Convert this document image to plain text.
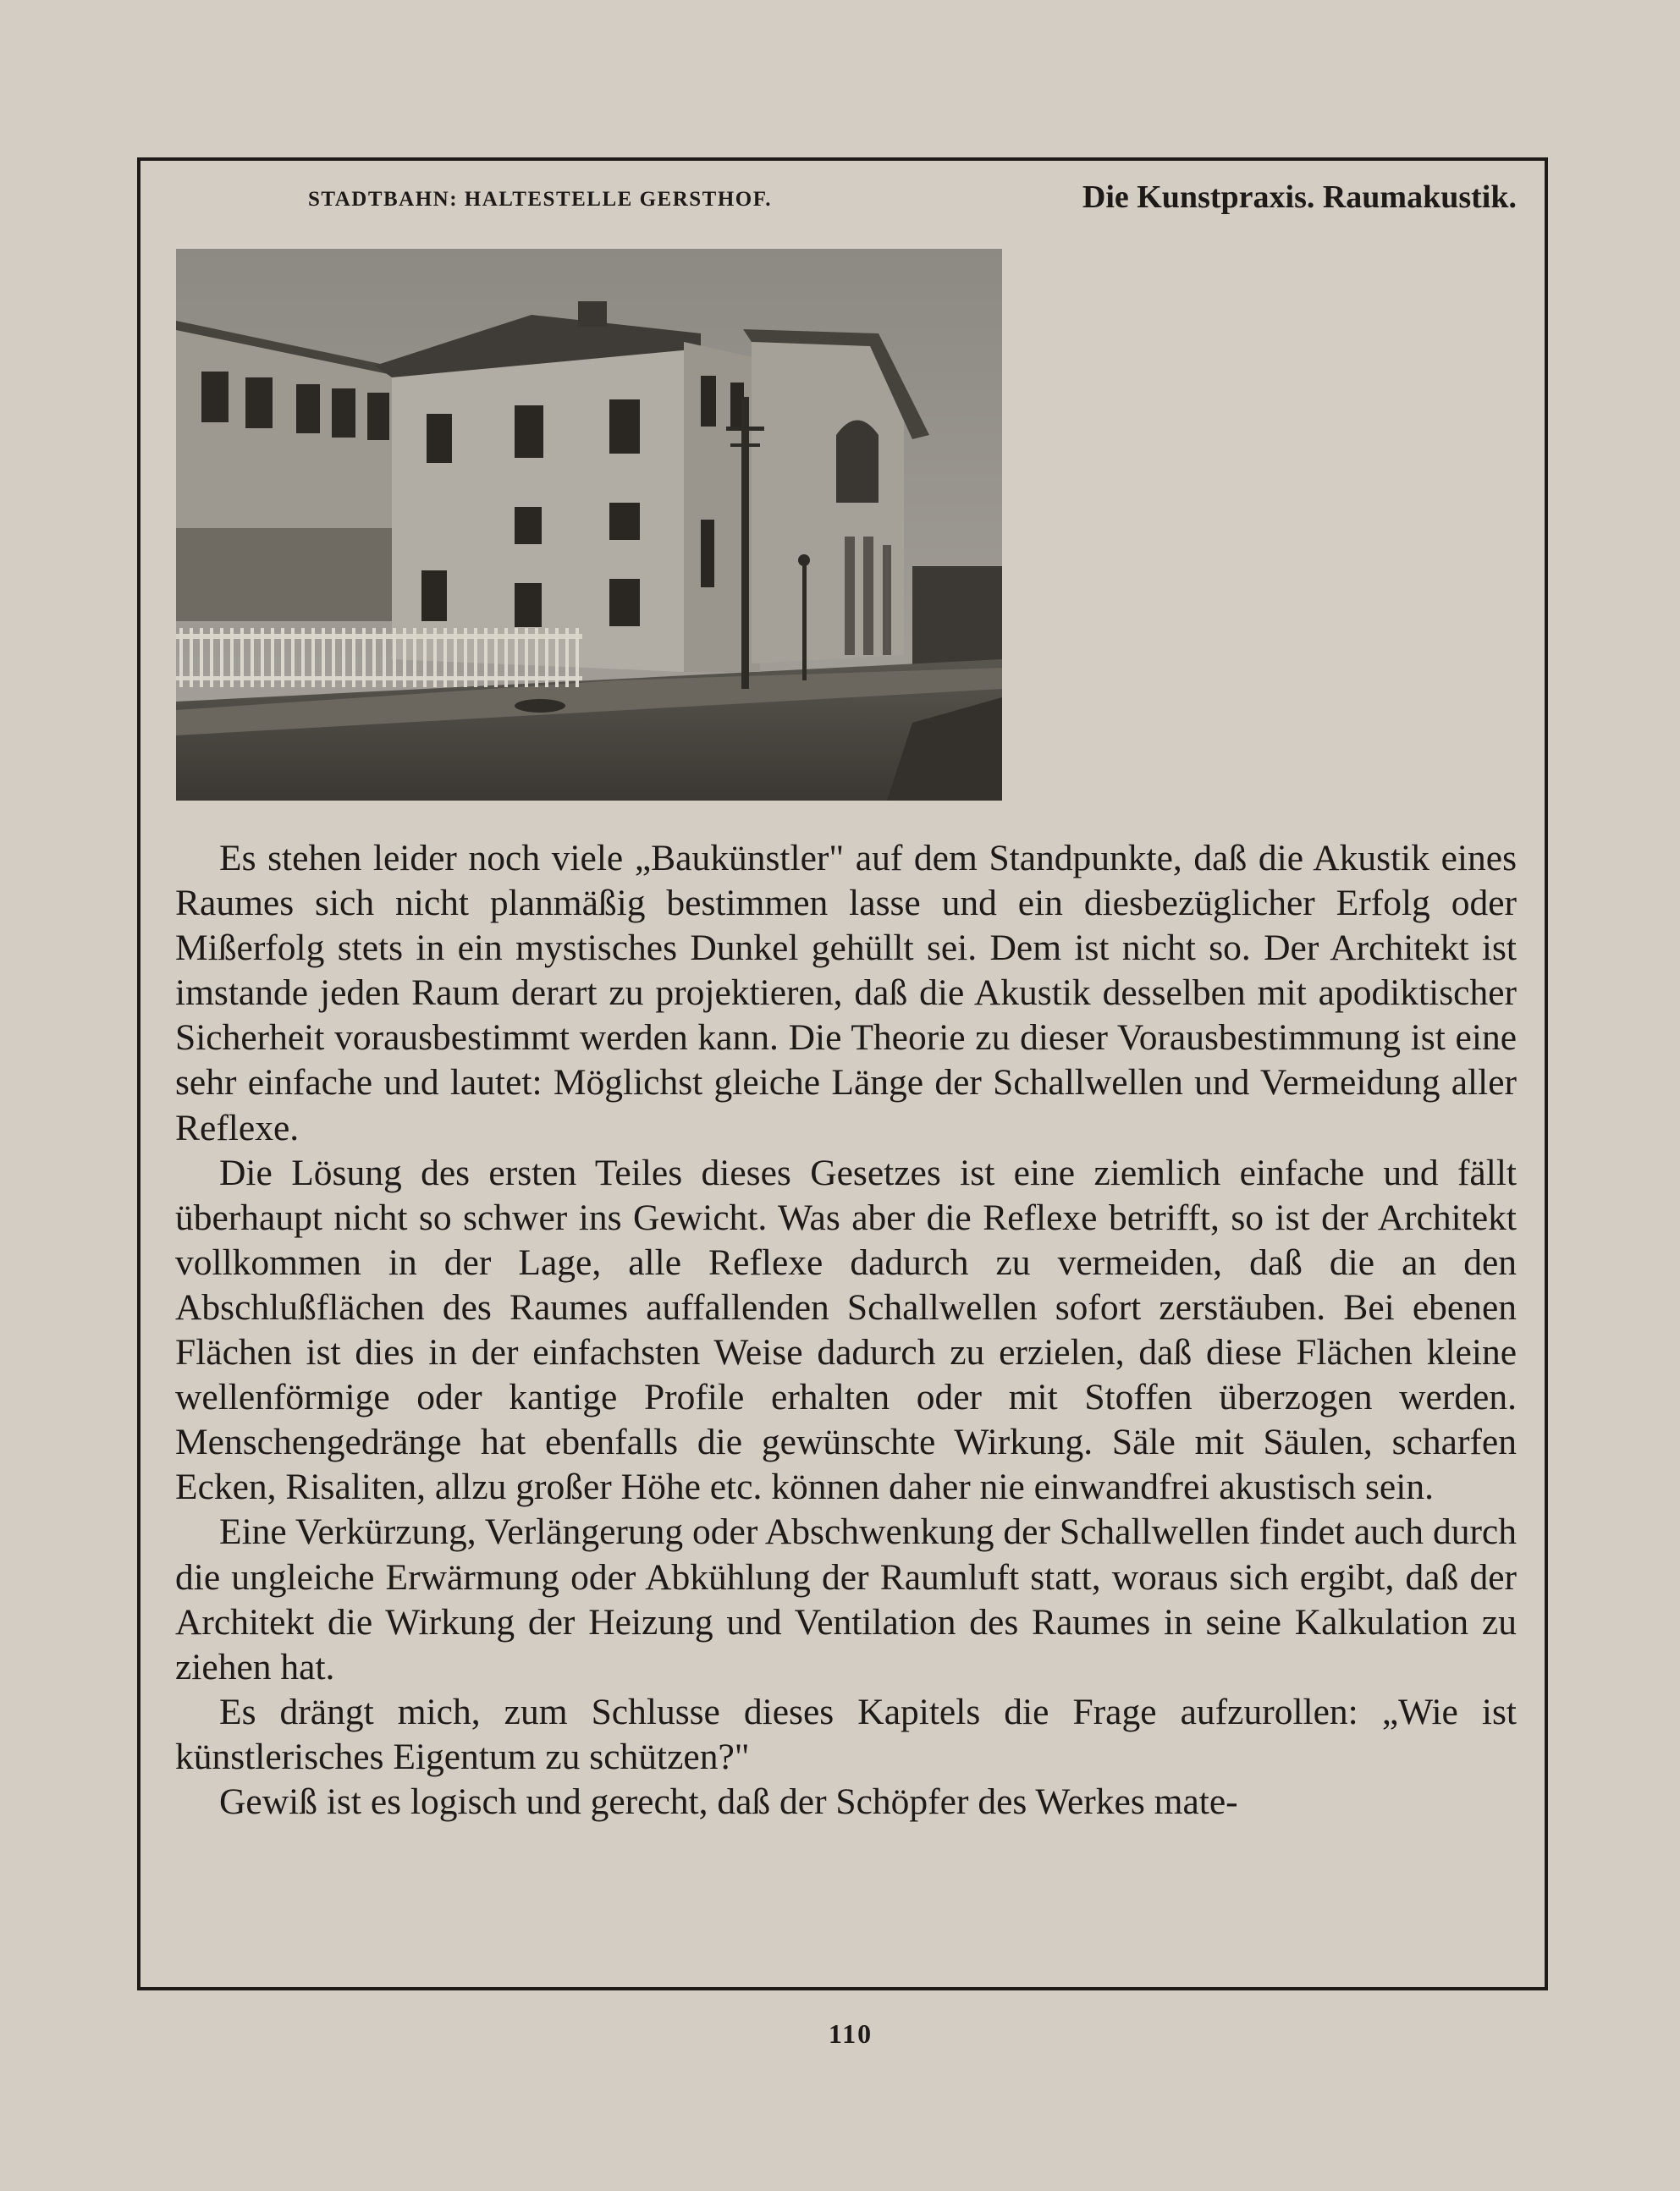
STADTBAHN: HALTESTELLE GERSTHOF.	Die Kunstpraxis. Raumakustik.

Es stehen leider noch viele „Baukünstler" auf dem Standpunkte, daß die Akustik eines Raumes sich nicht planmäßig bestimmen lasse und ein diesbezüglicher Erfolg oder Mißerfolg stets in ein mystisches Dunkel gehüllt sei. Dem ist nicht so. Der Architekt ist imstande jeden Raum derart zu projektieren, daß die Akustik desselben mit apodiktischer Sicherheit vorausbestimmt werden kann. Die Theorie zu dieser Vorausbestimmung ist eine sehr einfache und lautet: Möglichst gleiche Länge der Schallwellen und Vermeidung aller Reflexe.

Die Lösung des ersten Teiles dieses Gesetzes ist eine ziemlich einfache und fällt überhaupt nicht so schwer ins Gewicht. Was aber die Reflexe betrifft, so ist der Architekt vollkommen in der Lage, alle Reflexe dadurch zu vermeiden, daß die an den Abschlußflächen des Raumes auffallenden Schallwellen sofort zerstäuben. Bei ebenen Flächen ist dies in der einfachsten Weise dadurch zu erzielen, daß diese Flächen kleine wellenförmige oder kantige Profile erhalten oder mit Stoffen überzogen werden. Menschengedränge hat ebenfalls die gewünschte Wirkung. Säle mit Säulen, scharfen Ecken, Risaliten, allzu großer Höhe etc. können daher nie einwandfrei akustisch sein.

Eine Verkürzung, Verlängerung oder Abschwenkung der Schallwellen findet auch durch die ungleiche Erwärmung oder Abkühlung der Raumluft statt, woraus sich ergibt, daß der Architekt die Wirkung der Heizung und Ventilation des Raumes in seine Kalkulation zu ziehen hat.

Es drängt mich, zum Schlusse dieses Kapitels die Frage aufzurollen: „Wie ist künstlerisches Eigentum zu schützen?"

Gewiß ist es logisch und gerecht, daß der Schöpfer des Werkes mate-

110
